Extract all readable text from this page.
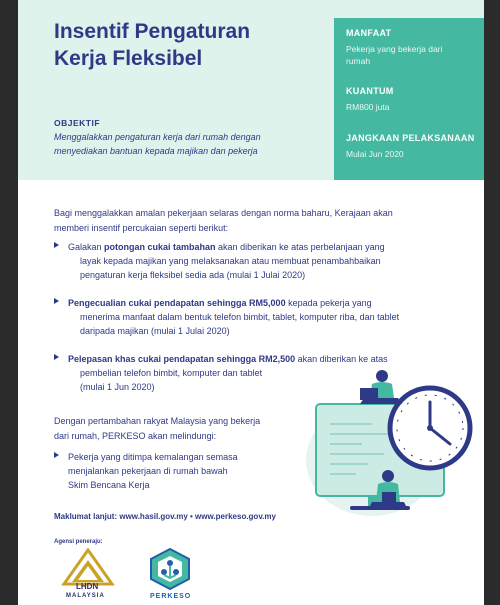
Insentif Pengaturan
Kerja Fleksibel
OBJEKTIF
Menggalakkan pengaturan kerja dari rumah dengan
menyediakan bantuan kepada majikan dan pekerja
MANFAAT
Pekerja yang bekerja dari
rumah
KUANTUM
RM800 juta
JANGKAAN PELAKSANAAN
Mulai Jun 2020
Bagi menggalakkan amalan pekerjaan selaras dengan norma baharu, Kerajaan akan
memberi insentif percukaian seperti berikut:
Galakan potongan cukai tambahan akan diberikan ke atas perbelanjaan yang
layak kepada majikan yang melaksanakan atau membuat penambahbaikan
pengaturan kerja fleksibel sedia ada (mulai 1 Julai 2020)
Pengecualian cukai pendapatan sehingga RM5,000 kepada pekerja yang
menerima manfaat dalam bentuk telefon bimbit, tablet, komputer riba, dan tablet
daripada majikan (mulai 1 Julai 2020)
Pelepasan khas cukai pendapatan sehingga RM2,500 akan diberikan ke atas
pembelian telefon bimbit, komputer dan tablet
(mulai 1 Jun 2020)
Dengan pertambahan rakyat Malaysia yang bekerja
dari rumah, PERKESO akan melindungi:
Pekerja yang ditimpa kemalangan semasa
menjalankan pekerjaan di rumah bawah
Skim Bencana Kerja
Maklumat lanjut: www.hasil.gov.my • www.perkeso.gov.my
Agensi peneraju:
LHDN
MALAYSIA	PERKESO
